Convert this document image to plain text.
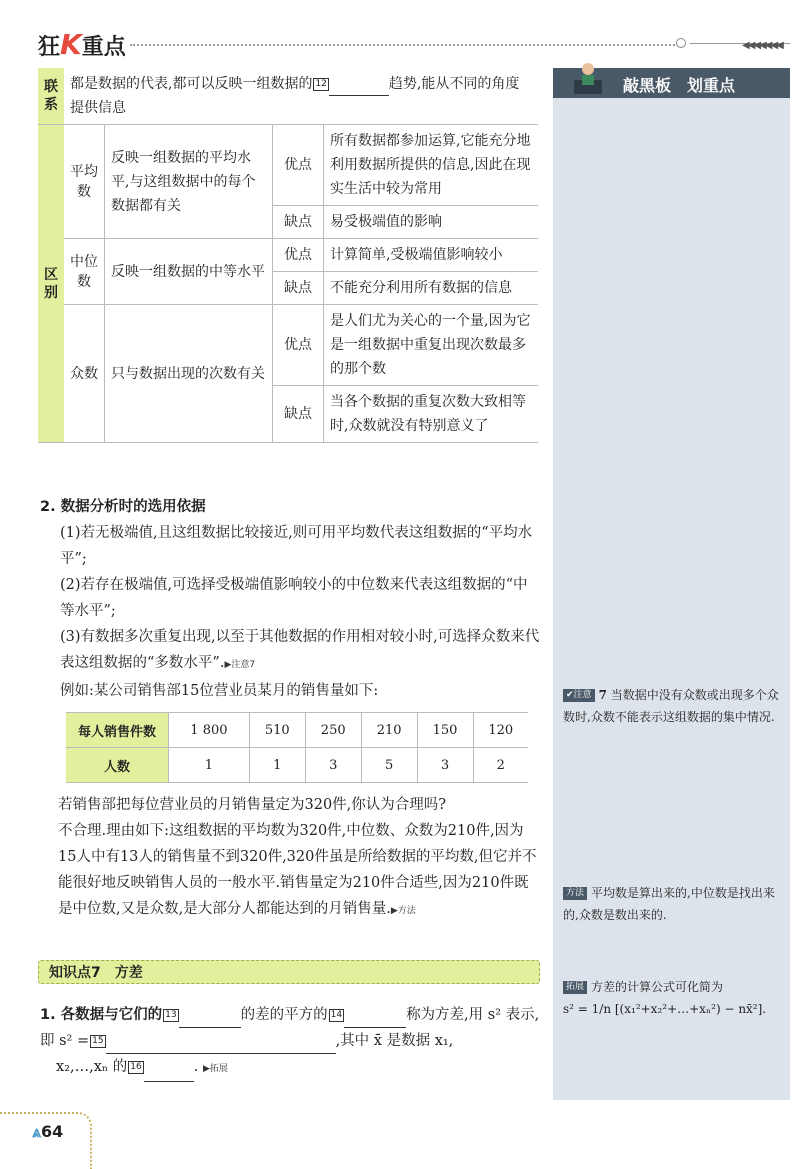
狂K重点	◀◀◀◀◀◀◀
敲黑板　划重点
联系	都是数据的代表,都可以反映一组数据的 12 趋势,能从不同的角度提供信息			
区别	平均数	反映一组数据的平均水平,与这组数据中的每个数据都有关	优点	所有数据都参加运算,它能充分地利用数据所提供的信息,因此在现实生活中较为常用
			缺点	易受极端值的影响
	中位数	反映一组数据的中等水平	优点	计算简单,受极端值影响较小
			缺点	不能充分利用所有数据的信息
	众数	只与数据出现的次数有关	优点	是人们尤为关心的一个量,因为它是一组数据中重复出现次数最多的那个数
			缺点	当各个数据的重复次数大致相等时,众数就没有特别意义了
2. 数据分析时的选用依据
(1)若无极端值,且这组数据比较接近,则可用平均数代表这组数据的“平均水平”;
(2)若存在极端值,可选择受极端值影响较小的中位数来代表这组数据的“中等水平”;
(3)有数据多次重复出现,以至于其他数据的作用相对较小时,可选择众数来代表这组数据的“多数水平”.▶注意7
例如:某公司销售部15位营业员某月的销售量如下:
每人销售件数	1 800	510	250	210	150	120
人数	1	1	3	5	3	2
若销售部把每位营业员的月销售量定为320件,你认为合理吗?
不合理.理由如下:这组数据的平均数为320件,中位数、众数为210件,因为15人中有13人的销售量不到320件,320件虽是所给数据的平均数,但它并不能很好地反映销售人员的一般水平.销售量定为210件合适些,因为210件既是中位数,又是众数,是大部分人都能达到的月销售量.▶方法
知识点7　方差
1. 各数据与它们的 13	的差的平方的 14	称为方差,用 s² 表示,即 s² = 15	,其中 x̄ 是数据 x₁,
x₂,…,xₙ 的 16	. ▶拓展
✔注意 7 当数据中没有众数或出现多个众数时,众数不能表示这组数据的集中情况.
方法 平均数是算出来的,中位数是找出来的,众数是数出来的.
拓展 方差的计算公式可化简为
s² = 1/n [(x₁²+x₂²+…+xₙ²) − nx̄²].
⩓64
